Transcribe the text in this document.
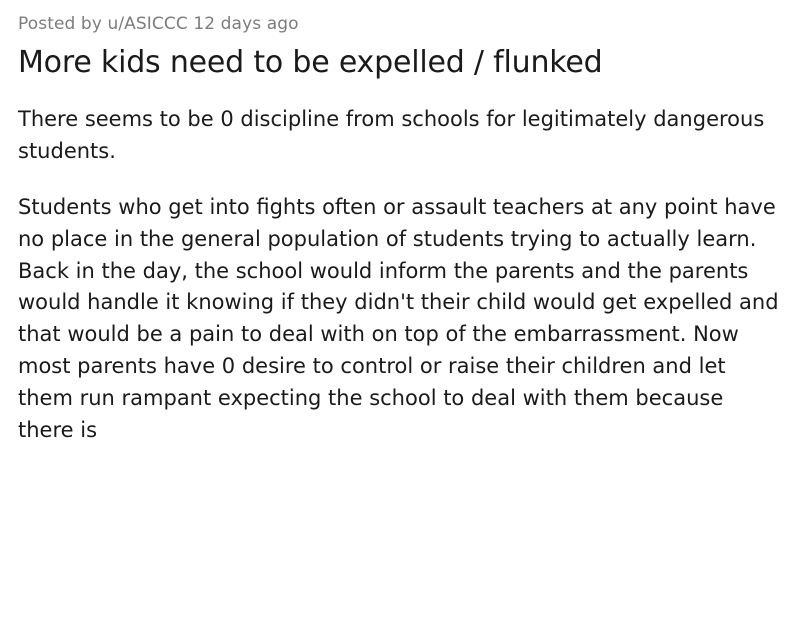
Posted by u/ASICCC 12 days ago
More kids need to be expelled / flunked

There seems to be 0 discipline from schools for legitimately dangerous students.

Students who get into fights often or assault teachers at any point have no place in the general population of students trying to actually learn. Back in the day, the school would inform the parents and the parents would handle it knowing if they didn't their child would get expelled and that would be a pain to deal with on top of the embarrassment. Now most parents have 0 desire to control or raise their children and let them run rampant expecting the school to deal with them because there is
